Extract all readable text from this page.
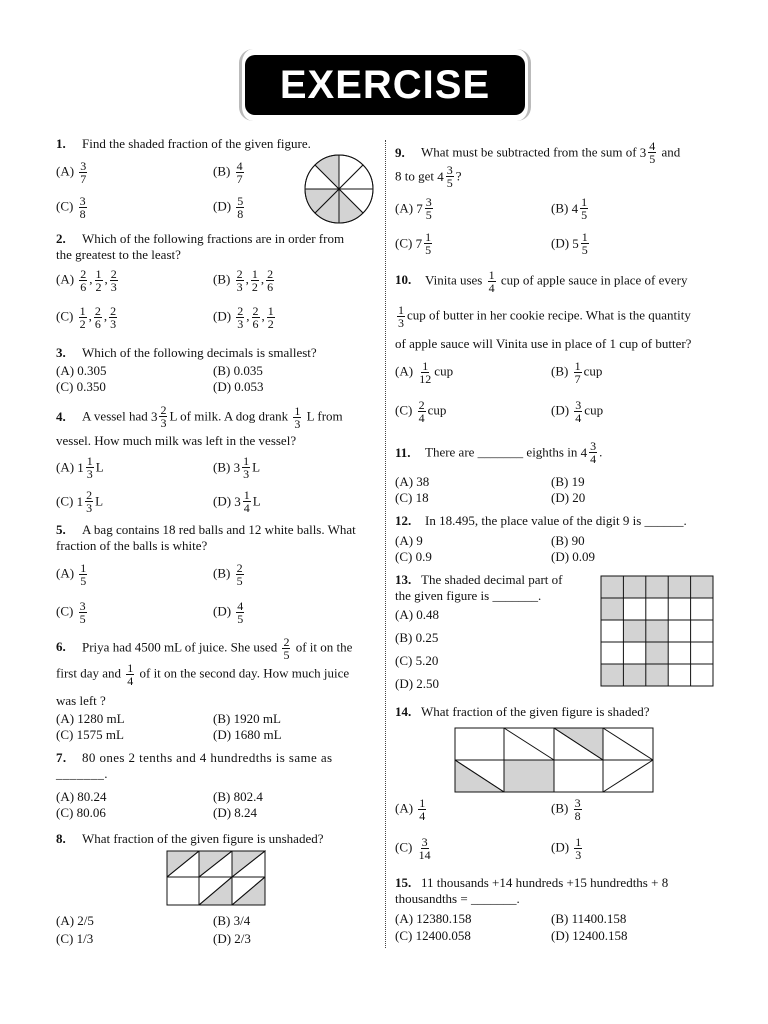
EXERCISE
1. Find the shaded fraction of the given figure.
$(A) \frac{3}{7}$	$(B) \frac{4}{7}$
$(C) \frac{3}{8}$	$(D) \frac{5}{8}$
2. Which of the following fractions are in order from
the greatest to the least?
$(A) \frac{2}{6}$ , $\frac{1}{2}$ , $\frac{2}{3}$	$(B) \frac{2}{3}$ , $\frac{1}{2}$ , $\frac{2}{6}$
$(C) \frac{1}{2}$ , $\frac{2}{6}$ , $\frac{2}{3}$	$(D) \frac{2}{3}$ , $\frac{2}{6}$ , $\frac{1}{2}$
3. Which of the following decimals is smallest?
(A) 0.305	(B) 0.035
(C) 0.350	(D) 0.053
4. A vessel had $3 \frac{2}{3}$ L of milk. A dog drank $\frac{1}{3}$ L from
vessel. How much milk was left in the vessel?
(A) $1 \frac{1}{3}$ L	(B) $3 \frac{1}{3}$ L
(C) $1 \frac{2}{3}$ L	(D) $3 \frac{1}{4}$ L
5. A bag contains 18 red balls and 12 white balls. What
fraction of the balls is white?
$(A) \frac{1}{5}$	$(B) \frac{2}{5}$
$(C) \frac{3}{5}$	$(D) \frac{4}{5}$
6. Priya had 4500 mL of juice. She used $\frac{2}{5}$ of it on the
first day and $\frac{1}{4}$ of it on the second day. How much juice
was left ?
(A) 1280 mL	(B) 1920 mL
(C) 1575 mL	(D) 1680 mL
7. 80 ones 2 tenths and 4 hundredths is same as
_______.
(A) 80.24	(B) 802.4
(C) 80.06	(D) 8.24
8. What fraction of the given figure is unshaded?
(A) 2/5	(B) 3/4
(C) 1/3	(D) 2/3
9. What must be subtracted from the sum of $3 \frac{4}{5}$ and
8 to get $4 \frac{3}{5}$ ?
(A) $7 \frac{3}{5}$	(B) $4 \frac{1}{5}$
(C) $7 \frac{1}{5}$	(D) $5 \frac{1}{5}$
10. Vinita uses $\frac{1}{4}$ cup of apple sauce in place of every
$\frac{1}{3}$ cup of butter in her cookie recipe. What is the quantity
of apple sauce will Vinita use in place of 1 cup of butter?
$(A) \frac{1}{12}$ cup	$(B) \frac{1}{7}$ cup
$(C) \frac{2}{4}$ cup	$(D) \frac{3}{4}$ cup
11. There are _______ eighths in $4 \frac{3}{4}$ .
(A) 38	(B) 19
(C) 18	(D) 20
12. In 18.495, the place value of the digit 9 is ______.
(A) 9	(B) 90
(C) 0.9	(D) 0.09
13. The shaded decimal part of
the given figure is _______.
(A) 0.48
(B) 0.25
(C) 5.20
(D) 2.50
14. What fraction of the given figure is shaded?
$(A) \frac{1}{4}$	$(B) \frac{3}{8}$
$(C) \frac{3}{14}$	$(D) \frac{1}{3}$
15. 11 thousands +14 hundreds +15 hundredths + 8
thousandths = _______.
(A) 12380.158	(B) 11400.158
(C) 12400.058	(D) 12400.158
